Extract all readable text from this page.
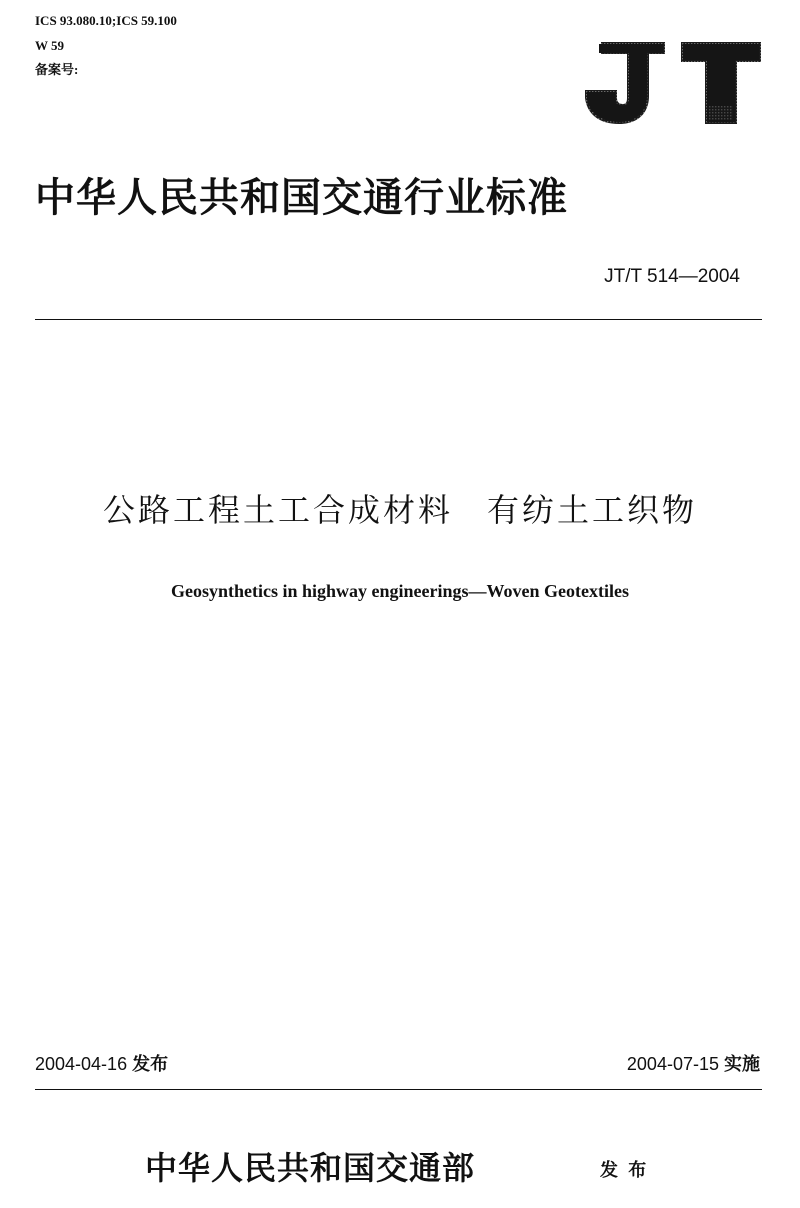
ICS 93.080.10;ICS 59.100
W 59
备案号:
中华人民共和国交通行业标准
JT/T 514—2004
公路工程土工合成材料 有纺土工织物
Geosynthetics in highway engineerings—Woven Geotextiles
2004-04-16 发布	2004-07-15 实施
中华人民共和国交通部	发 布
